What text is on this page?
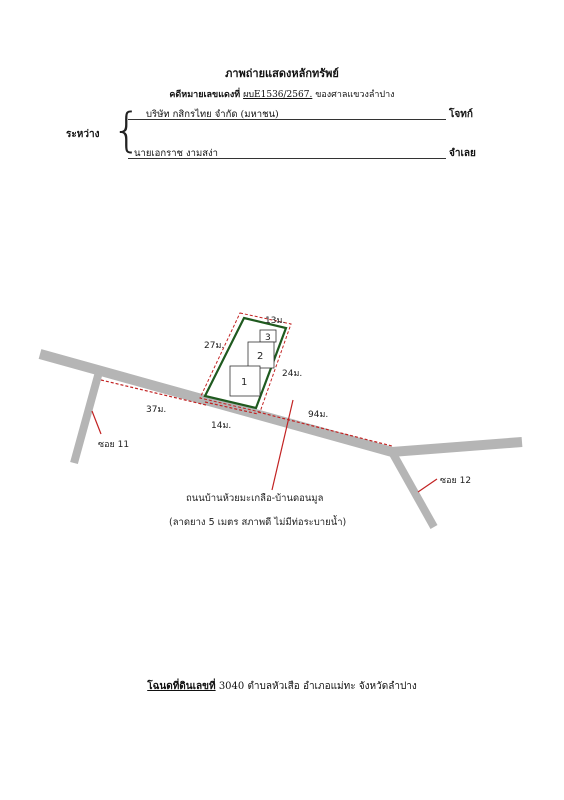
ภาพถ่ายแสดงหลักทรัพย์
คดีหมายเลขแดงที่ ผบE1536/2567. ของศาลแขวงลำปาง
ระหว่าง { บริษัท กสิกรไทย จำกัด (มหาชน)	โจทก์
นายเอกราช งามสง่า	จำเลย
3
2
1
13ม.
27ม.
24ม.
14ม.
37ม.	94ม.
ซอย 11
ซอย 12
ถนนบ้านห้วยมะเกลือ-บ้านดอนมูล
(ลาดยาง 5 เมตร สภาพดี ไม่มีท่อระบายน้ำ)
โฉนดที่ดินเลขที่ 3040 ตำบลหัวเสือ อำเภอแม่ทะ จังหวัดลำปาง
